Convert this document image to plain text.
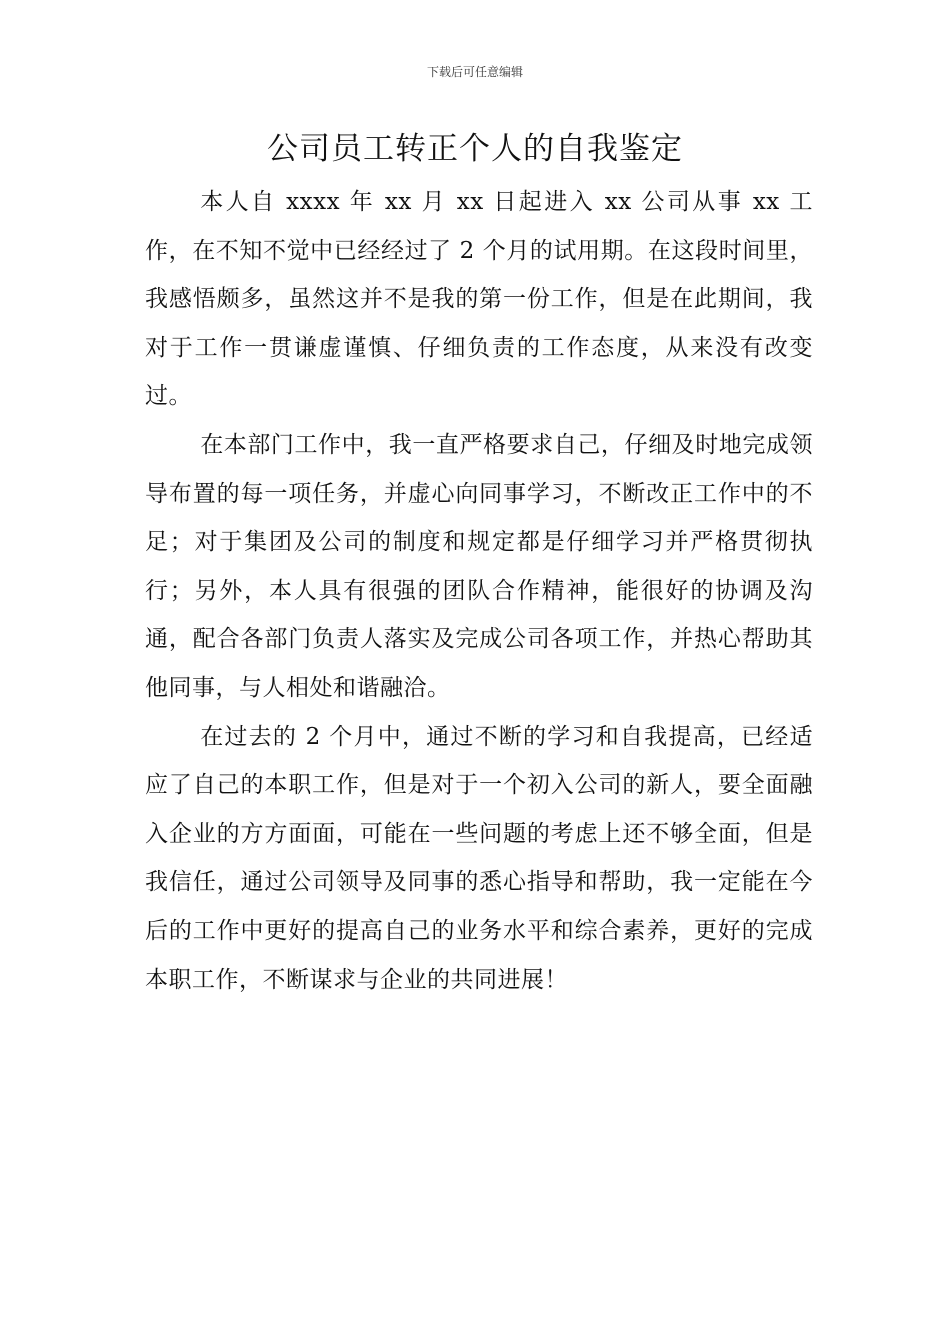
下载后可任意编辑
公司员工转正个人的自我鉴定

本人自 xxxx 年 xx 月 xx 日起进入 xx 公司从事 xx 工作，在不知不觉中已经经过了 2 个月的试用期。在这段时间里，我感悟颇多，虽然这并不是我的第一份工作，但是在此期间，我对于工作一贯谦虚谨慎、仔细负责的工作态度，从来没有改变过。

在本部门工作中，我一直严格要求自己，仔细及时地完成领导布置的每一项任务，并虚心向同事学习，不断改正工作中的不足；对于集团及公司的制度和规定都是仔细学习并严格贯彻执行；另外，本人具有很强的团队合作精神，能很好的协调及沟通，配合各部门负责人落实及完成公司各项工作，并热心帮助其他同事，与人相处和谐融洽。

在过去的 2 个月中，通过不断的学习和自我提高，已经适应了自己的本职工作，但是对于一个初入公司的新人，要全面融入企业的方方面面，可能在一些问题的考虑上还不够全面，但是我信任，通过公司领导及同事的悉心指导和帮助，我一定能在今后的工作中更好的提高自己的业务水平和综合素养，更好的完成本职工作，不断谋求与企业的共同进展！
